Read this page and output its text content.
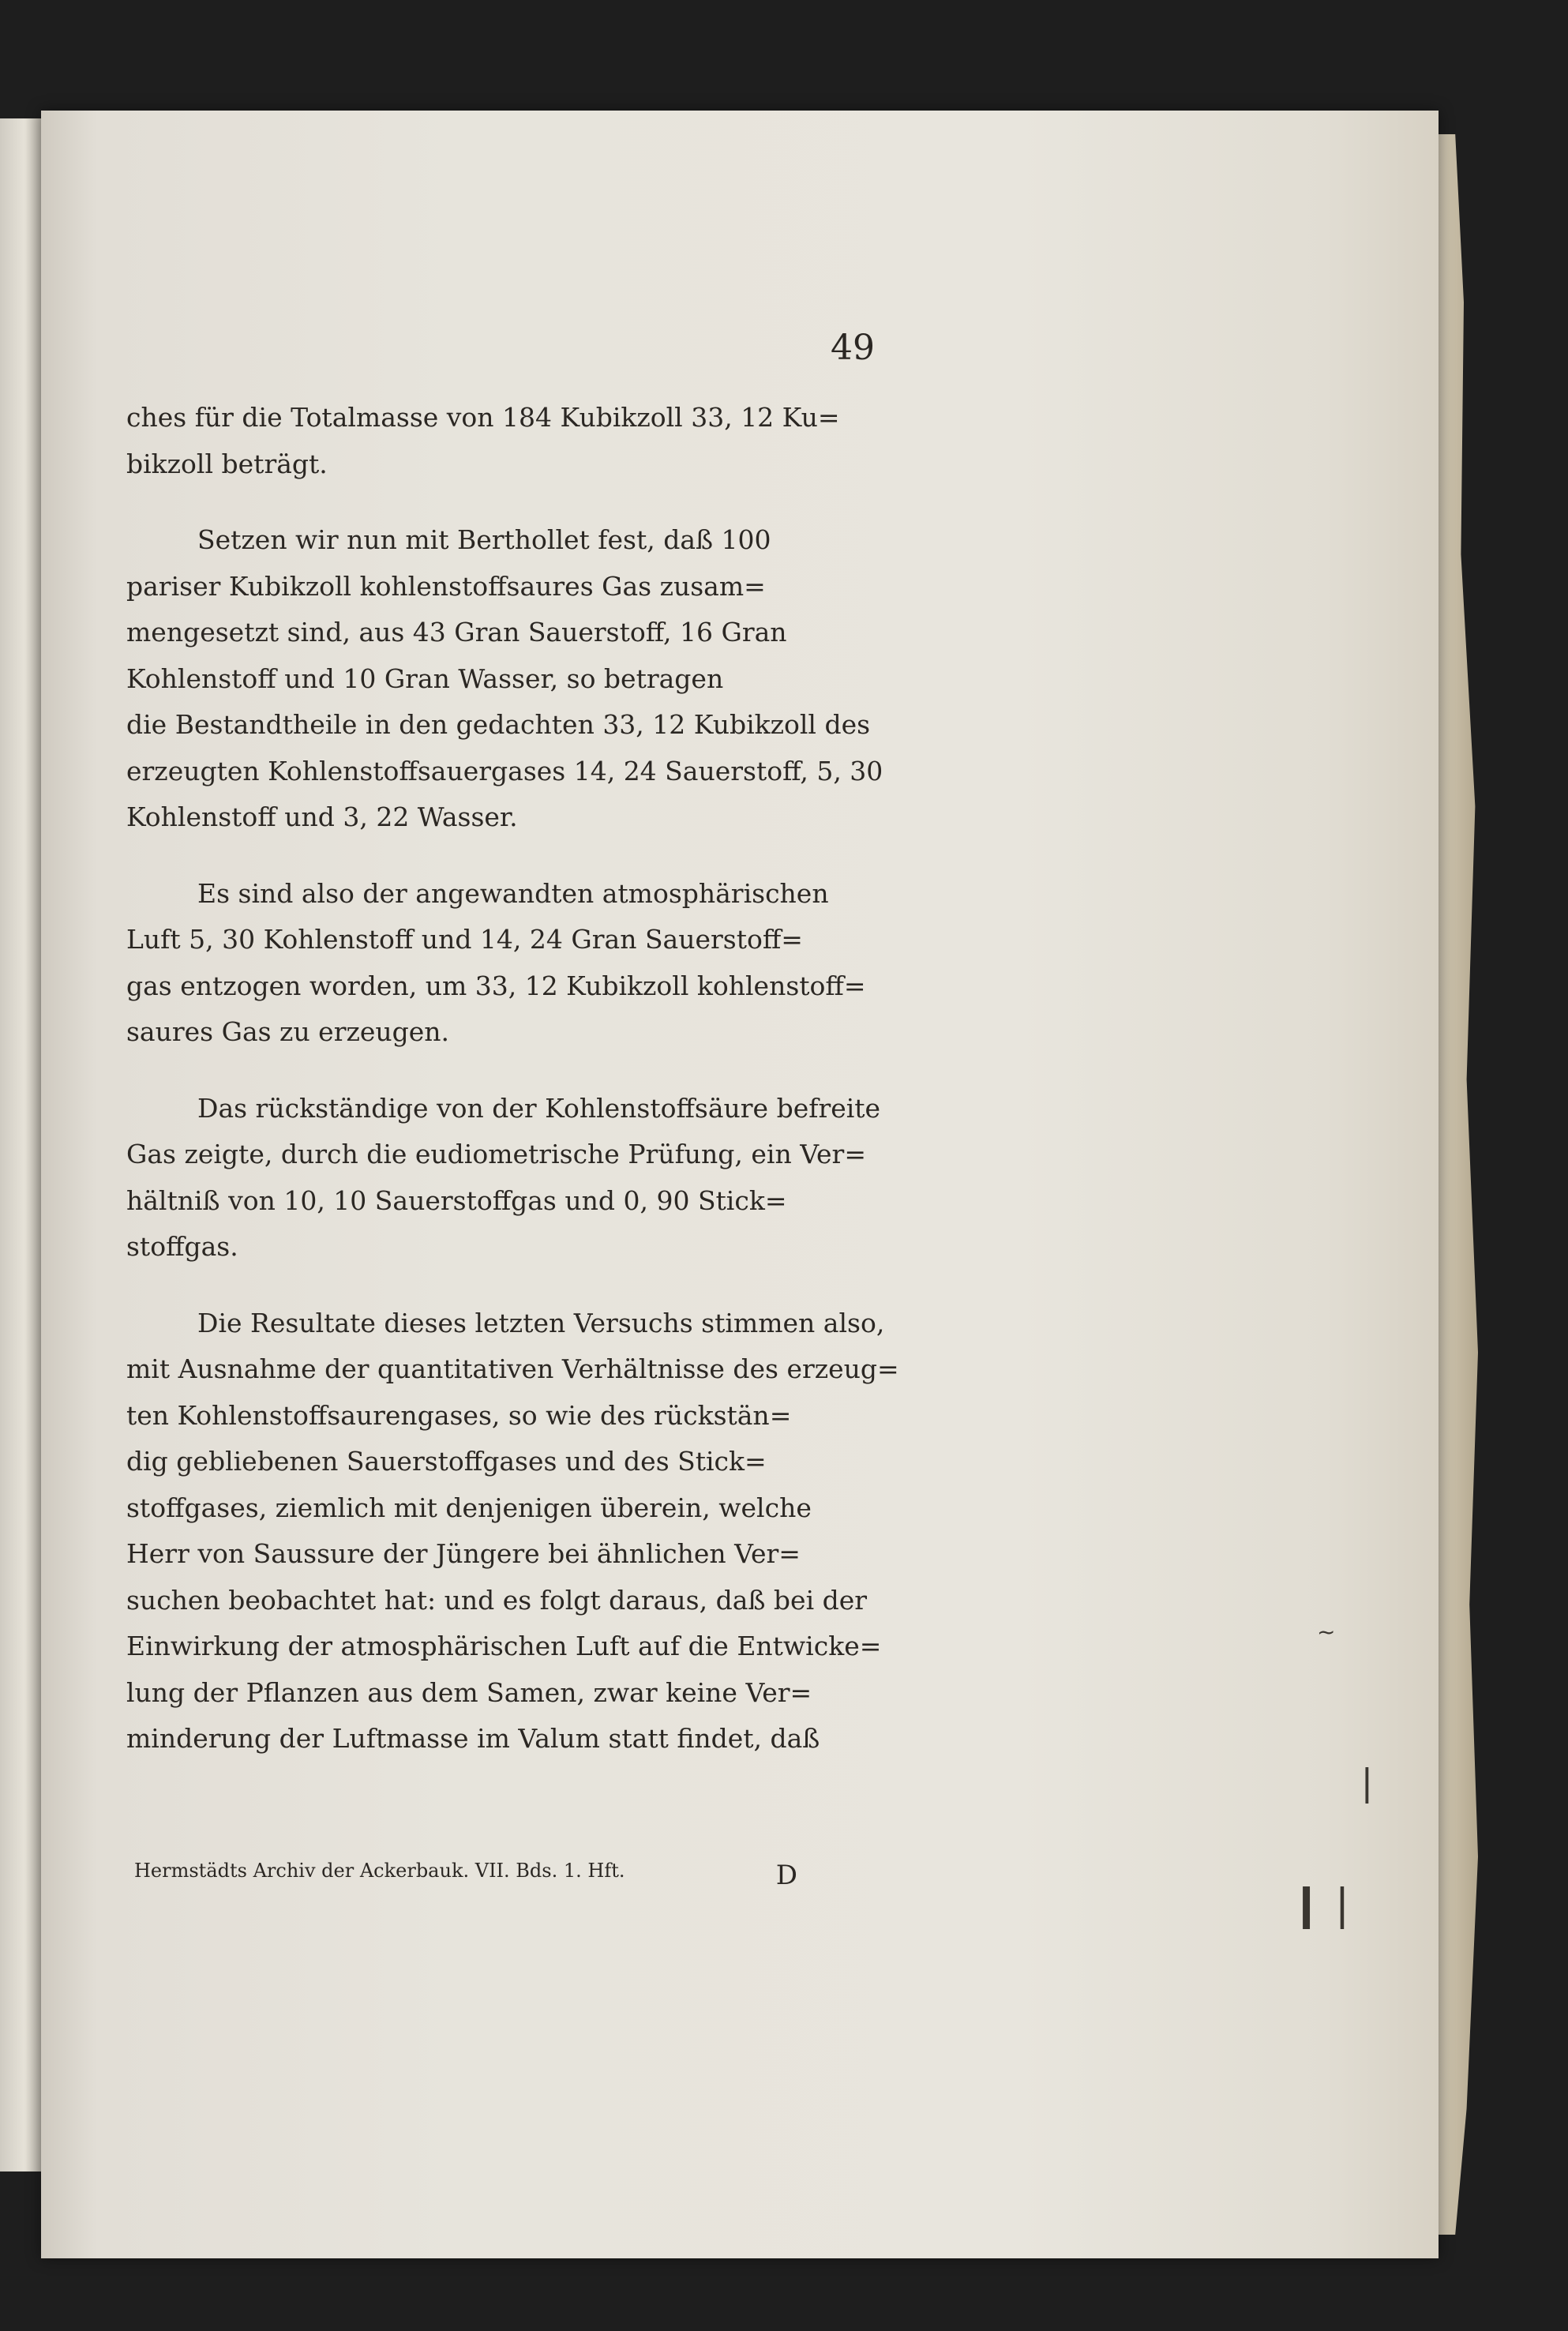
49
ches für die Totalmasse von 184 Kubikzoll 33, 12 Ku=
bikzoll beträgt.
Setzen wir nun mit Berthollet fest, daß 100
pariser Kubikzoll kohlenstoffsaures Gas zusam=
mengesetzt sind, aus 43 Gran Sauerstoff, 16 Gran
Kohlenstoff und 10 Gran Wasser, so betragen
die Bestandtheile in den gedachten 33, 12 Kubikzoll des
erzeugten Kohlenstoffsauergases 14, 24 Sauerstoff, 5, 30
Kohlenstoff und 3, 22 Wasser.
Es sind also der angewandten atmosphärischen
Luft 5, 30 Kohlenstoff und 14, 24 Gran Sauerstoff=
gas entzogen worden, um 33, 12 Kubikzoll kohlenstoff=
saures Gas zu erzeugen.
Das rückständige von der Kohlenstoffsäure befreite
Gas zeigte, durch die eudiometrische Prüfung, ein Ver=
hältniß von 10, 10 Sauerstoffgas und 0, 90 Stick=
stoffgas.
Die Resultate dieses letzten Versuchs stimmen also,
mit Ausnahme der quantitativen Verhältnisse des erzeug=
ten Kohlenstoffsaurengases, so wie des rückstän=
dig gebliebenen Sauerstoffgases und des Stick=
stoffgases, ziemlich mit denjenigen überein, welche
Herr von Saussure der Jüngere bei ähnlichen Ver=
suchen beobachtet hat: und es folgt daraus, daß bei der
Einwirkung der atmosphärischen Luft auf die Entwicke=
lung der Pflanzen aus dem Samen, zwar keine Ver=
minderung der Luftmasse im Valum statt findet, daß
Hermstädts Archiv der Ackerbauk. VII. Bds. 1. Hft.	D
~
❘
❙❘
